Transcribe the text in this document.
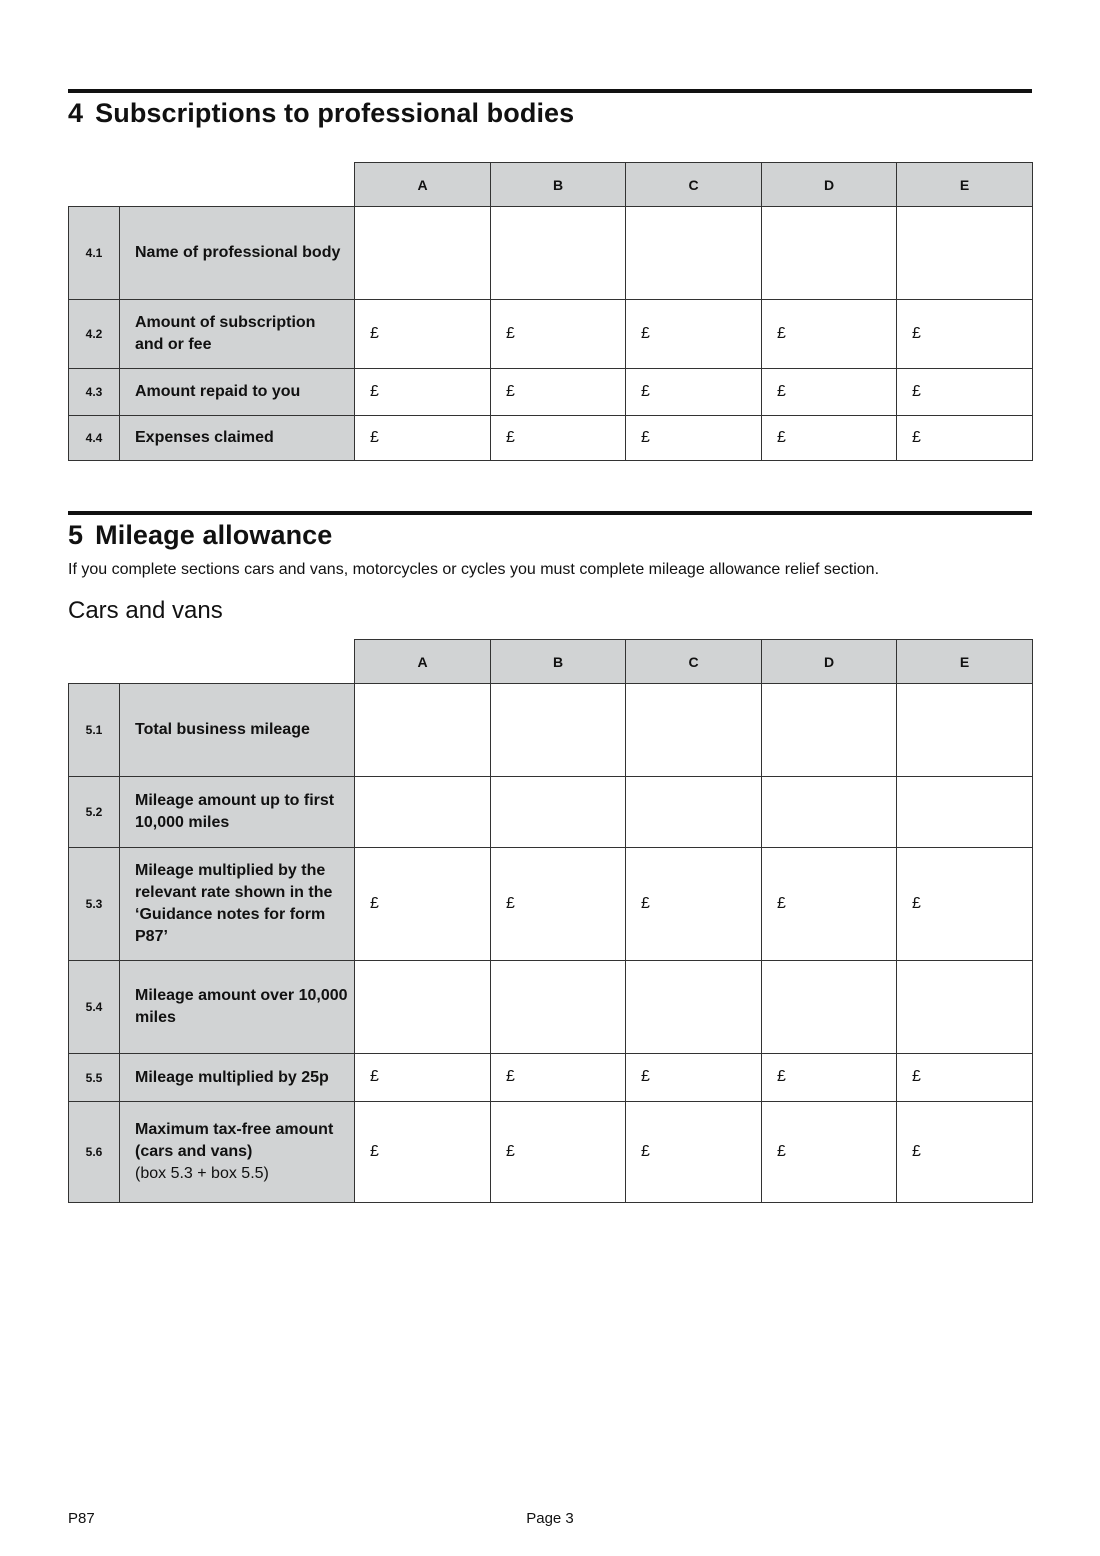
4 Subscriptions to professional bodies
		A	B	C	D	E
4.1	Name of professional body					
4.2	Amount of subscription and or fee	£	£	£	£	£
4.3	Amount repaid to you	£	£	£	£	£
4.4	Expenses claimed	£	£	£	£	£
5 Mileage allowance
If you complete sections cars and vans, motorcycles or cycles you must complete mileage allowance relief section.
Cars and vans
		A	B	C	D	E
5.1	Total business mileage					
5.2	Mileage amount up to first 10,000 miles					
5.3	Mileage multiplied by the relevant rate shown in the ‘Guidance notes for form P87’	£	£	£	£	£
5.4	Mileage amount over 10,000 miles					
5.5	Mileage multiplied by 25p	£	£	£	£	£
5.6	Maximum tax-free amount (cars and vans)
(box 5.3 + box 5.5)	£	£	£	£	£
P87	Page 3
